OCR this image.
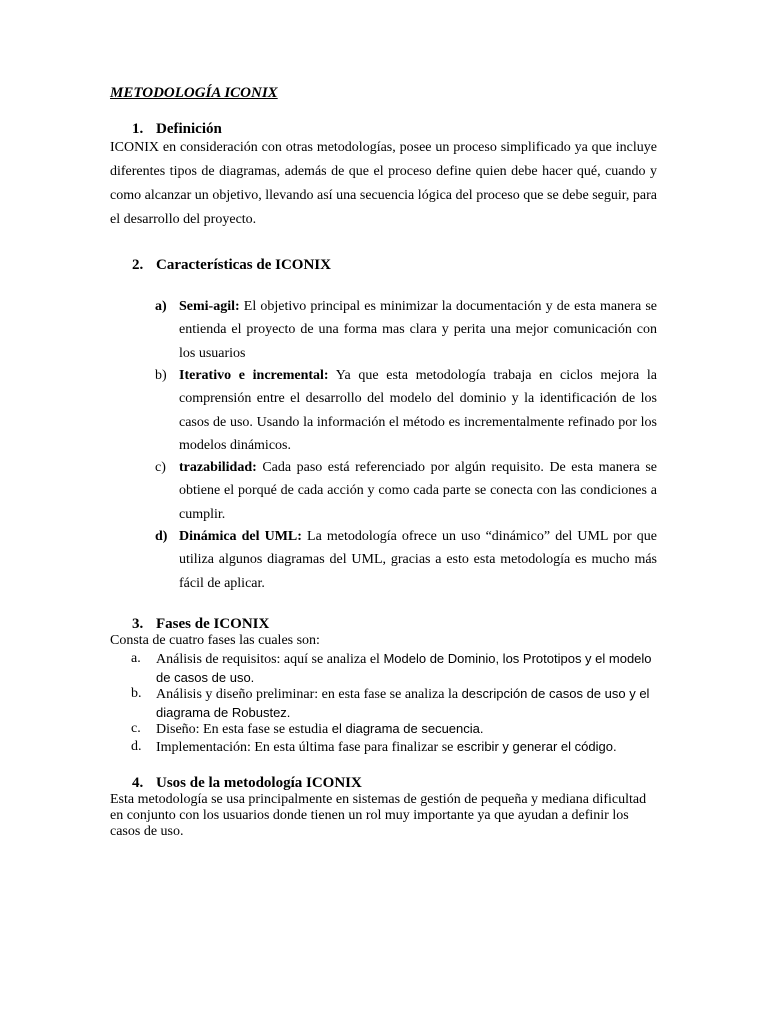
METODOLOGÍA ICONIX
1. Definición
ICONIX en consideración con otras metodologías, posee un proceso simplificado ya que incluye diferentes tipos de diagramas, además de que el proceso define quien debe hacer qué, cuando y como alcanzar un objetivo, llevando así una secuencia lógica del proceso que se debe seguir, para el desarrollo del proyecto.
2. Características de ICONIX
a) Semi-agil: El objetivo principal es minimizar la documentación y de esta manera se entienda el proyecto de una forma mas clara y perita una mejor comunicación con los usuarios
b) Iterativo e incremental: Ya que esta metodología trabaja en ciclos mejora la comprensión entre el desarrollo del modelo del dominio y la identificación de los casos de uso. Usando la información el método es incrementalmente refinado por los modelos dinámicos.
c) trazabilidad: Cada paso está referenciado por algún requisito. De esta manera se obtiene el porqué de cada acción y como cada parte se conecta con las condiciones a cumplir.
d) Dinámica del UML: La metodología ofrece un uso “dinámico” del UML por que utiliza algunos diagramas del UML, gracias a esto esta metodología es mucho más fácil de aplicar.
3. Fases de ICONIX
Consta de cuatro fases las cuales son:
a.	Análisis de requisitos: aquí se analiza el Modelo de Dominio, los Prototipos y el modelo de casos de uso.
b.	Análisis y diseño preliminar: en esta fase se analiza la descripción de casos de uso y el diagrama de Robustez.
c.	Diseño: En esta fase se estudia el diagrama de secuencia.
d.	Implementación: En esta última fase para finalizar se escribir y generar el código.
4. Usos de la metodología ICONIX
Esta metodología se usa principalmente en sistemas de gestión de pequeña y mediana dificultad en conjunto con los usuarios donde tienen un rol muy importante ya que ayudan a definir los casos de uso.
